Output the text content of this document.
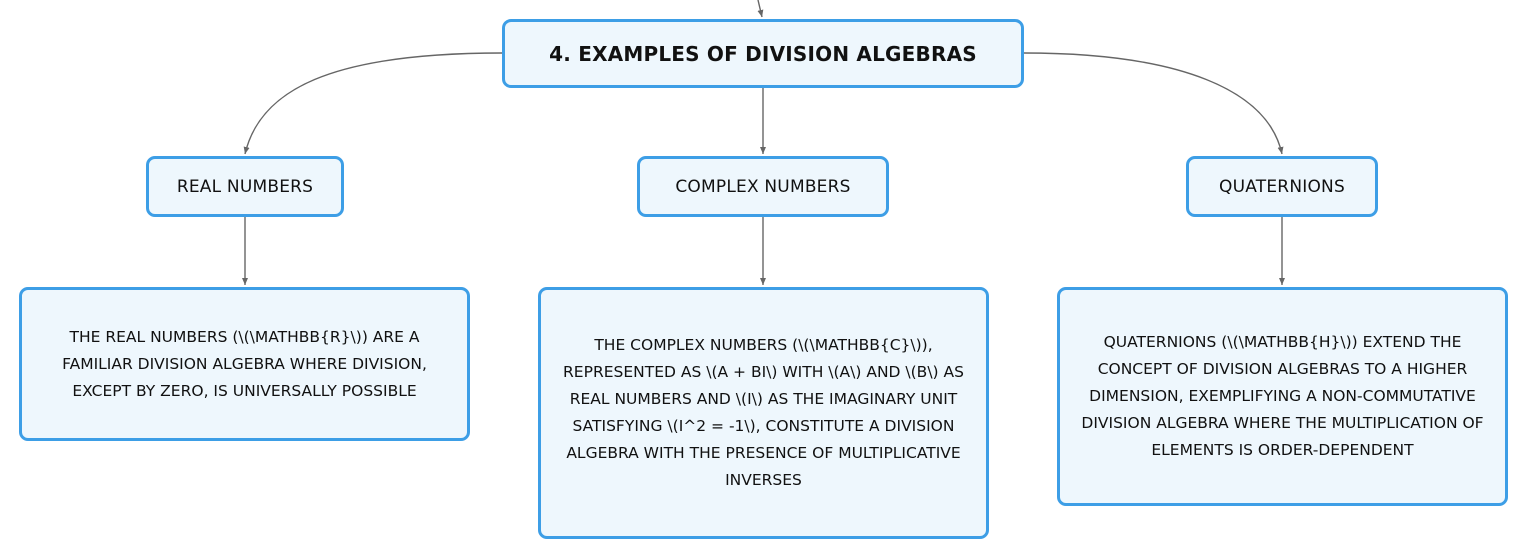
4. EXAMPLES OF DIVISION ALGEBRAS
REAL NUMBERS	COMPLEX NUMBERS	QUATERNIONS
THE REAL NUMBERS (\(\MATHBB{R}\)) ARE A FAMILIAR DIVISION ALGEBRA WHERE DIVISION, EXCEPT BY ZERO, IS UNIVERSALLY POSSIBLE
THE COMPLEX NUMBERS (\(\MATHBB{C}\)), REPRESENTED AS \(A + BI\) WITH \(A\) AND \(B\) AS REAL NUMBERS AND \(I\) AS THE IMAGINARY UNIT SATISFYING \(I^2 = -1\), CONSTITUTE A DIVISION ALGEBRA WITH THE PRESENCE OF MULTIPLICATIVE INVERSES
QUATERNIONS (\(\MATHBB{H}\)) EXTEND THE CONCEPT OF DIVISION ALGEBRAS TO A HIGHER DIMENSION, EXEMPLIFYING A NON-COMMUTATIVE DIVISION ALGEBRA WHERE THE MULTIPLICATION OF ELEMENTS IS ORDER-DEPENDENT
